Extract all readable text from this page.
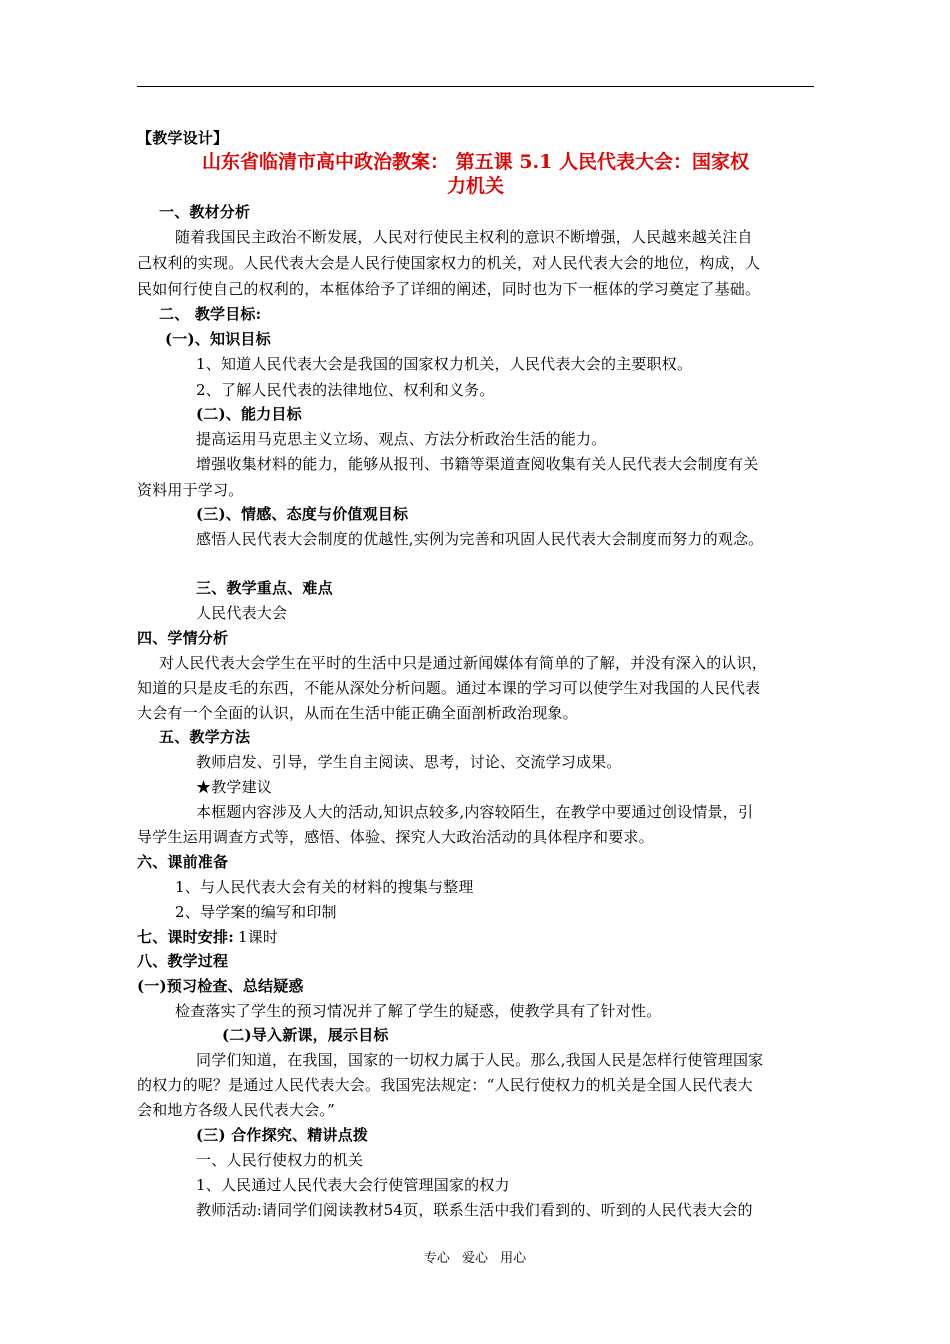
【教学设计】
山东省临清市高中政治教案： 第五课 5.1 人民代表大会：国家权
力机关
一、教材分析
随着我国民主政治不断发展，人民对行使民主权利的意识不断增强，人民越来越关注自
己权利的实现。人民代表大会是人民行使国家权力的机关，对人民代表大会的地位，构成，人
民如何行使自己的权利的，本框体给予了详细的阐述，同时也为下一框体的学习奠定了基础。
二、 教学目标:
(一)、知识目标
1、知道人民代表大会是我国的国家权力机关，人民代表大会的主要职权。
2、了解人民代表的法律地位、权利和义务。
(二)、能力目标
提高运用马克思主义立场、观点、方法分析政治生活的能力。
增强收集材料的能力，能够从报刊、书籍等渠道查阅收集有关人民代表大会制度有关
资料用于学习。
(三)、情感、态度与价值观目标
感悟人民代表大会制度的优越性,实例为完善和巩固人民代表大会制度而努力的观念。
三、教学重点、难点
人民代表大会
四、学情分析
对人民代表大会学生在平时的生活中只是通过新闻媒体有简单的了解，并没有深入的认识，
知道的只是皮毛的东西，不能从深处分析问题。通过本课的学习可以使学生对我国的人民代表
大会有一个全面的认识，从而在生活中能正确全面剖析政治现象。
五、教学方法
教师启发、引导，学生自主阅读、思考，讨论、交流学习成果。
★教学建议
本框题内容涉及人大的活动,知识点较多,内容较陌生，在教学中要通过创设情景，引
导学生运用调查方式等，感悟、体验、探究人大政治活动的具体程序和要求。
六、课前准备
1、与人民代表大会有关的材料的搜集与整理
2、导学案的编写和印制
七、课时安排: 1课时
八、教学过程
(一)预习检查、总结疑惑
检查落实了学生的预习情况并了解了学生的疑惑，使教学具有了针对性。
(二)导入新课，展示目标
同学们知道，在我国，国家的一切权力属于人民。那么,我国人民是怎样行使管理国家
的权力的呢？是通过人民代表大会。我国宪法规定：“人民行使权力的机关是全国人民代表大
会和地方各级人民代表大会。”
(三) 合作探究、精讲点拨
一、人民行使权力的机关
1、人民通过人民代表大会行使管理国家的权力
教师活动:请同学们阅读教材54页，联系生活中我们看到的、听到的人民代表大会的
专心 爱心 用心
